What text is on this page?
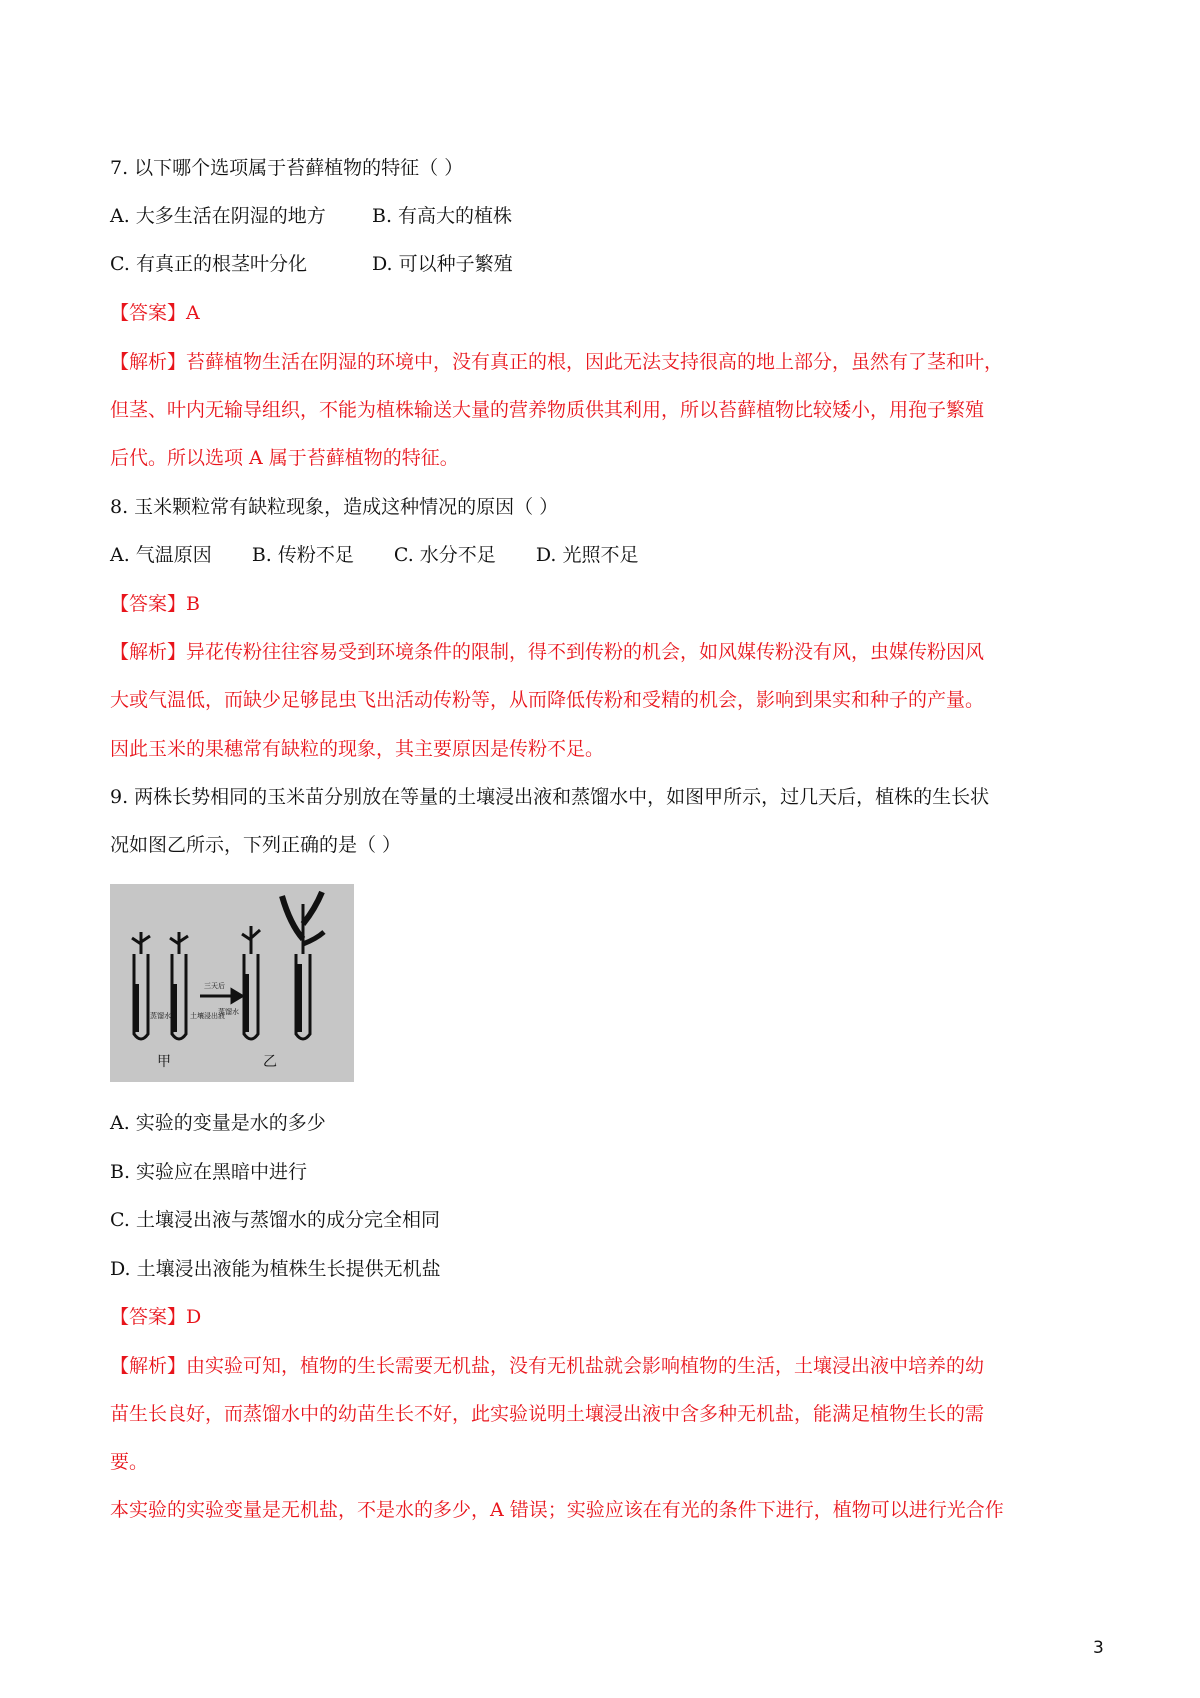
7. 以下哪个选项属于苔藓植物的特征（ ）
A. 大多生活在阴湿的地方 B. 有高大的植株
C. 有真正的根茎叶分化	D. 可以种子繁殖
【答案】A
【解析】苔藓植物生活在阴湿的环境中，没有真正的根，因此无法支持很高的地上部分，虽然有了茎和叶，
但茎、叶内无输导组织，不能为植株输送大量的营养物质供其利用，所以苔藓植物比较矮小，用孢子繁殖
后代。所以选项 A 属于苔藓植物的特征。
8. 玉米颗粒常有缺粒现象，造成这种情况的原因（ ）
A. 气温原因 B. 传粉不足 C. 水分不足 D. 光照不足
【答案】B
【解析】异花传粉往往容易受到环境条件的限制，得不到传粉的机会，如风媒传粉没有风，虫媒传粉因风
大或气温低，而缺少足够昆虫飞出活动传粉等，从而降低传粉和受精的机会，影响到果实和种子的产量。
因此玉米的果穗常有缺粒的现象，其主要原因是传粉不足。
9. 两株长势相同的玉米苗分别放在等量的土壤浸出液和蒸馏水中，如图甲所示，过几天后，植株的生长状
况如图乙所示，下列正确的是（ ）
甲	乙
蒸馏水	土壤浸出液
三天后
蒸馏水
A. 实验的变量是水的多少
B. 实验应在黑暗中进行
C. 土壤浸出液与蒸馏水的成分完全相同
D. 土壤浸出液能为植株生长提供无机盐
【答案】D
【解析】由实验可知，植物的生长需要无机盐，没有无机盐就会影响植物的生活，土壤浸出液中培养的幼
苗生长良好，而蒸馏水中的幼苗生长不好，此实验说明土壤浸出液中含多种无机盐，能满足植物生长的需
要。
本实验的实验变量是无机盐，不是水的多少，A 错误；实验应该在有光的条件下进行，植物可以进行光合作
3
